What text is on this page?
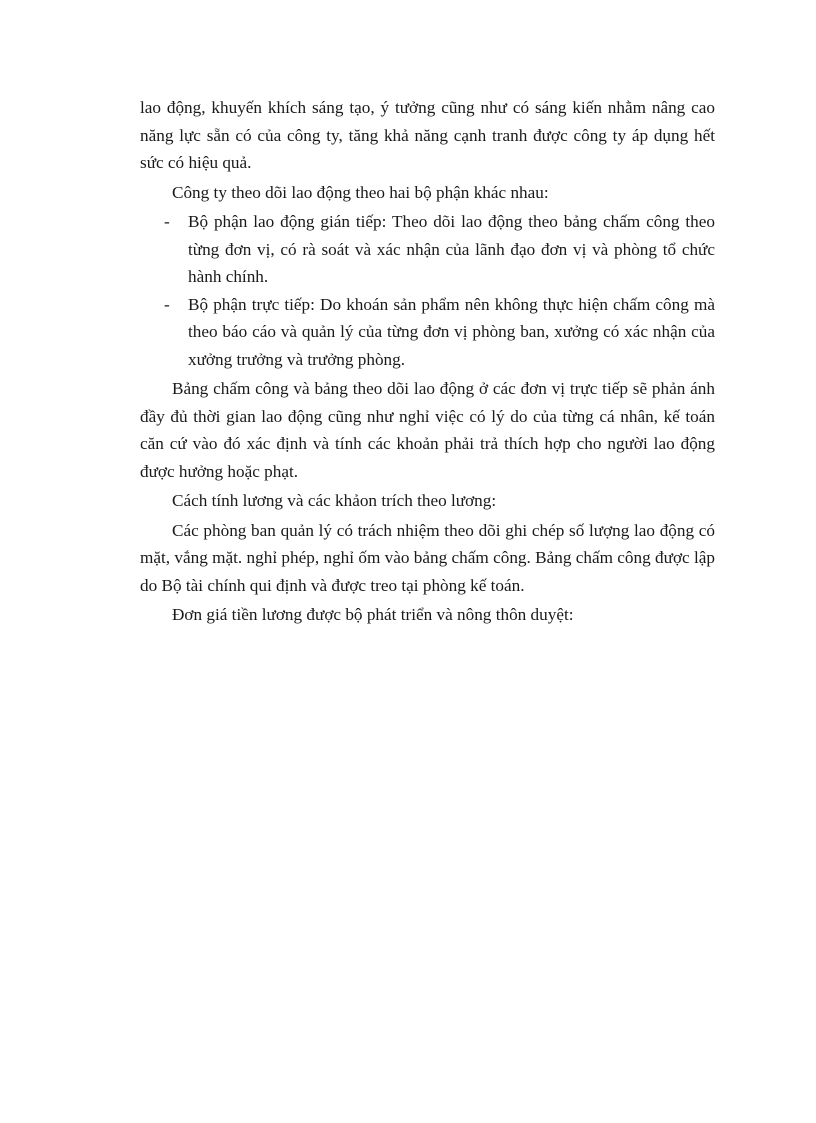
lao động, khuyến khích sáng tạo, ý tưởng cũng như có sáng kiến nhằm nâng cao năng lực sẵn có của công ty, tăng khả năng cạnh tranh được công ty áp dụng hết sức có hiệu quả.

Công ty theo dõi lao động theo hai bộ phận khác nhau:

- Bộ phận lao động gián tiếp: Theo dõi lao động theo bảng chấm công theo từng đơn vị, có rà soát và xác nhận của lãnh đạo đơn vị và phòng tổ chức hành chính.
- Bộ phận trực tiếp: Do khoán sản phẩm nên không thực hiện chấm công mà theo báo cáo và quản lý của từng đơn vị phòng ban, xưởng có xác nhận của xưởng trưởng và trưởng phòng.

Bảng chấm công và bảng theo dõi lao động ở các đơn vị trực tiếp sẽ phản ánh đầy đủ thời gian lao động cũng như nghỉ việc có lý do của từng cá nhân, kế toán căn cứ vào đó xác định và tính các khoản phải trả thích hợp cho người lao động được hưởng hoặc phạt.

Cách tính lương và các khảon trích theo lương:

Các phòng ban quản lý có trách nhiệm theo dõi ghi chép số lượng lao động có mặt, vắng mặt. nghỉ phép, nghỉ ốm vào bảng chấm công. Bảng chấm công được lập do Bộ tài chính qui định và được treo tại phòng kế toán.

Đơn giá tiền lương được bộ phát triển và nông thôn duyệt:
